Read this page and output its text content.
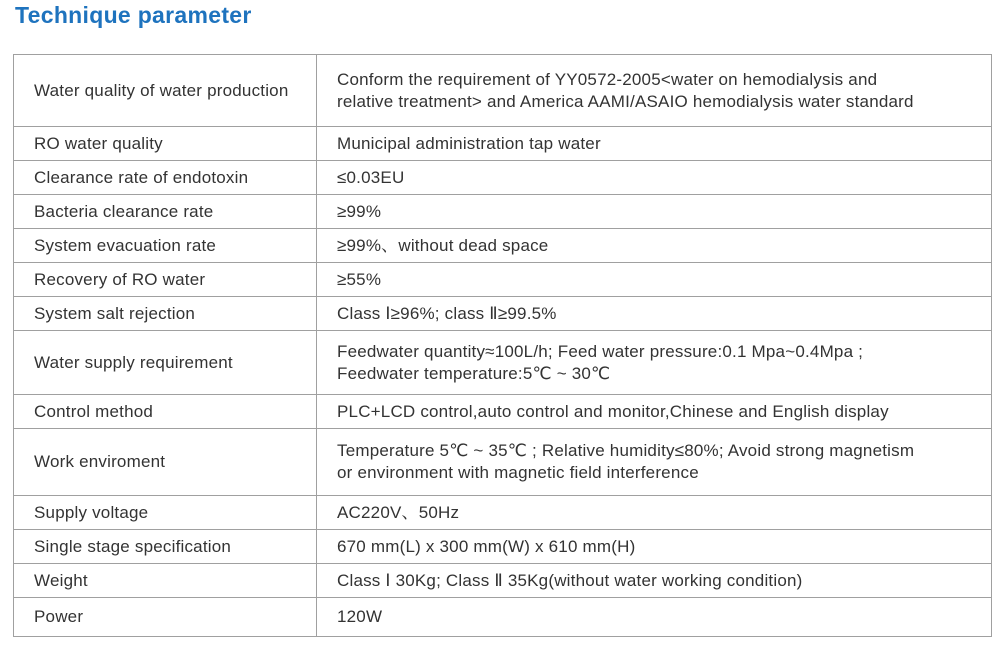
Technique parameter
Water quality of water production	Conform the requirement of YY0572-2005<water on hemodialysis and
relative treatment> and America AAMI/ASAIO hemodialysis water standard

RO water quality	Municipal administration tap water

Clearance rate of endotoxin	≤0.03EU

Bacteria clearance rate	≥99%

System evacuation rate	≥99%、without dead space

Recovery of RO water	≥55%

System salt rejection	Class Ⅰ≥96%; class Ⅱ≥99.5%

Water supply requirement	Feedwater quantity≈100L/h; Feed water pressure:0.1 Mpa~0.4Mpa ;
Feedwater temperature:5℃ ~ 30℃

Control method	PLC+LCD control,auto control and monitor,Chinese and English display

Work enviroment	Temperature 5℃ ~ 35℃ ; Relative humidity≤80%; Avoid strong magnetism
or environment with magnetic field interference

Supply voltage	AC220V、50Hz

Single stage specification	670 mm(L) x 300 mm(W) x 610 mm(H)

Weight	Class Ⅰ 30Kg; Class Ⅱ 35Kg(without water working condition)

Power	120W
